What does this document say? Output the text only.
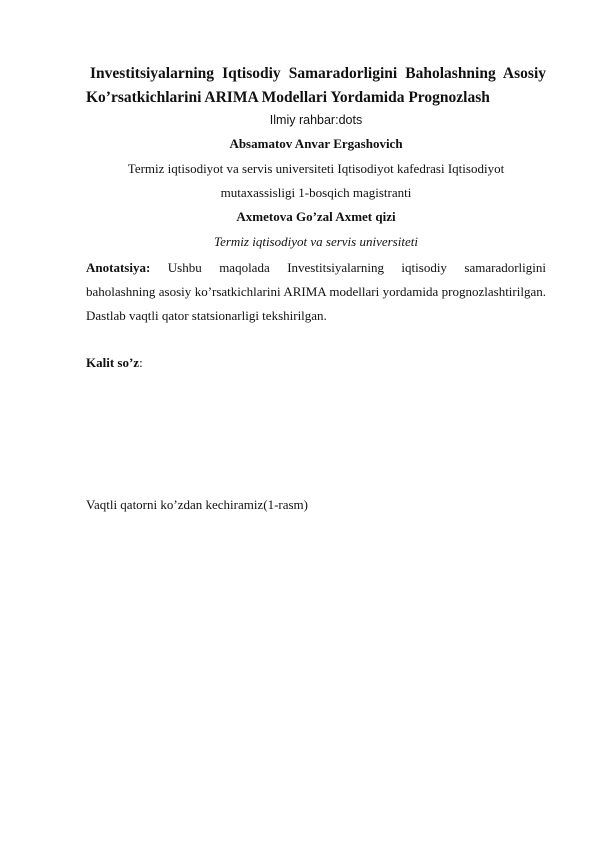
Investitsiyalarning Iqtisodiy Samaradorligini Baholashning Asosiy Ko’rsatkichlarini ARIMA Modellari Yordamida Prognozlash
Ilmiy rahbar:dots
Absamatov Anvar Ergashovich
Termiz iqtisodiyot va servis universiteti Iqtisodiyot kafedrasi Iqtisodiyot
mutaxassisligi 1-bosqich magistranti
Axmetova Go’zal Axmet qizi
Termiz iqtisodiyot va servis universiteti
Anotatsiya: Ushbu maqolada Investitsiyalarning iqtisodiy samaradorligini baholashning asosiy ko’rsatkichlarini ARIMA modellari yordamida prognozlashtirilgan. Dastlab vaqtli qator statsionarligi tekshirilgan.
Kalit so’z:
Vaqtli qatorni ko’zdan kechiramiz(1-rasm)
